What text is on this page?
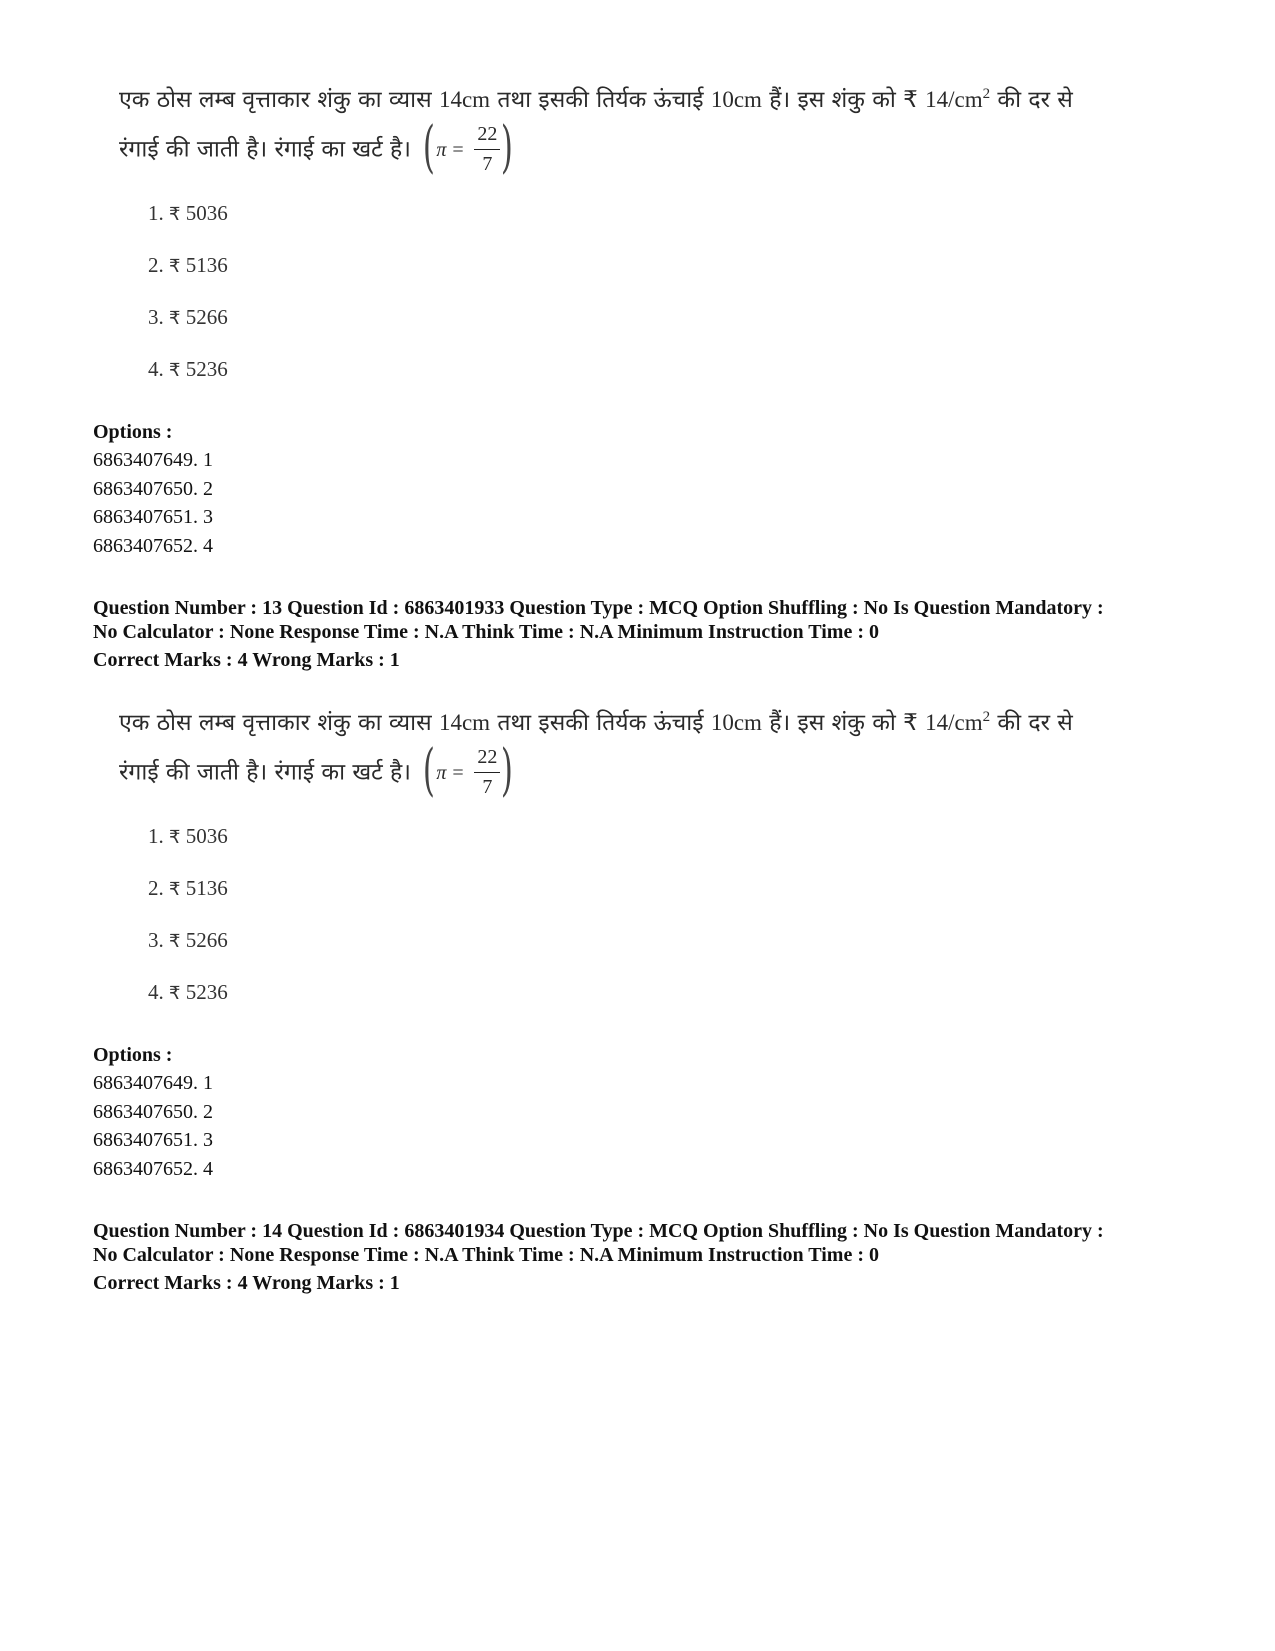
एक ठोस लम्ब वृत्ताकार शंकु का व्यास 14cm तथा इसकी तिर्यक ऊंचाई 10cm हैं। इस शंकु को ₹ $14/cm^2$ की दर से
रंगाई की जाती है। रंगाई का खर्ट है। ( π =
22
7 )
1. ₹ 5036
2. ₹ 5136
3. ₹ 5266
4. ₹ 5236
Options :
6863407649. 1
6863407650. 2
6863407651. 3
6863407652. 4
Question Number : 13 Question Id : 6863401933 Question Type : MCQ Option Shuffling : No Is Question Mandatory :
No Calculator : None Response Time : N.A Think Time : N.A Minimum Instruction Time : 0
Correct Marks : 4 Wrong Marks : 1
एक ठोस लम्ब वृत्ताकार शंकु का व्यास 14cm तथा इसकी तिर्यक ऊंचाई 10cm हैं। इस शंकु को ₹ $14/cm^2$ की दर से
रंगाई की जाती है। रंगाई का खर्ट है। ( π =
22
7 )
1. ₹ 5036
2. ₹ 5136
3. ₹ 5266
4. ₹ 5236
Options :
6863407649. 1
6863407650. 2
6863407651. 3
6863407652. 4
Question Number : 14 Question Id : 6863401934 Question Type : MCQ Option Shuffling : No Is Question Mandatory :
No Calculator : None Response Time : N.A Think Time : N.A Minimum Instruction Time : 0
Correct Marks : 4 Wrong Marks : 1
